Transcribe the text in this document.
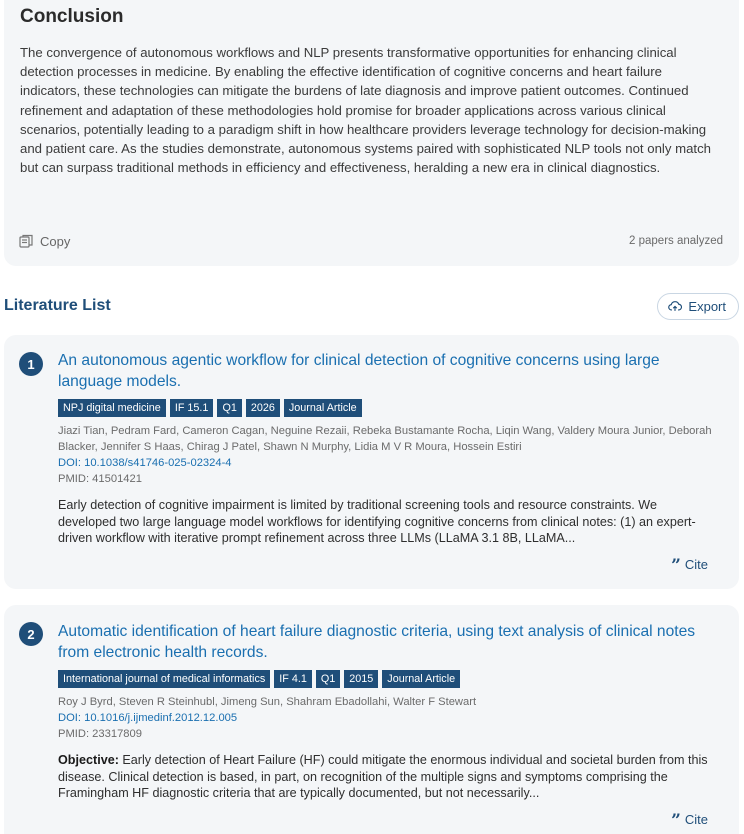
Conclusion
The convergence of autonomous workflows and NLP presents transformative opportunities for enhancing clinical detection processes in medicine. By enabling the effective identification of cognitive concerns and heart failure indicators, these technologies can mitigate the burdens of late diagnosis and improve patient outcomes. Continued refinement and adaptation of these methodologies hold promise for broader applications across various clinical scenarios, potentially leading to a paradigm shift in how healthcare providers leverage technology for decision-making and patient care. As the studies demonstrate, autonomous systems paired with sophisticated NLP tools not only match but can surpass traditional methods in efficiency and effectiveness, heralding a new era in clinical diagnostics.
Copy	2 papers analyzed
Literature List	Export
1	An autonomous agentic workflow for clinical detection of cognitive concerns using large language models.
NPJ digital medicine	IF 15.1	Q1	2026	Journal Article
Jiazi Tian, Pedram Fard, Cameron Cagan, Neguine Rezaii, Rebeka Bustamante Rocha, Liqin Wang, Valdery Moura Junior, Deborah Blacker, Jennifer S Haas, Chirag J Patel, Shawn N Murphy, Lidia M V R Moura, Hossein Estiri
DOI: 10.1038/s41746-025-02324-4
PMID: 41501421
Early detection of cognitive impairment is limited by traditional screening tools and resource constraints. We developed two large language model workflows for identifying cognitive concerns from clinical notes: (1) an expert-driven workflow with iterative prompt refinement across three LLMs (LLaMA 3.1 8B, LLaMA...
” Cite
2	Automatic identification of heart failure diagnostic criteria, using text analysis of clinical notes from electronic health records.
International journal of medical informatics	IF 4.1	Q1	2015	Journal Article
Roy J Byrd, Steven R Steinhubl, Jimeng Sun, Shahram Ebadollahi, Walter F Stewart
DOI: 10.1016/j.ijmedinf.2012.12.005
PMID: 23317809
Objective: Early detection of Heart Failure (HF) could mitigate the enormous individual and societal burden from this disease. Clinical detection is based, in part, on recognition of the multiple signs and symptoms comprising the Framingham HF diagnostic criteria that are typically documented, but not necessarily...
” Cite
